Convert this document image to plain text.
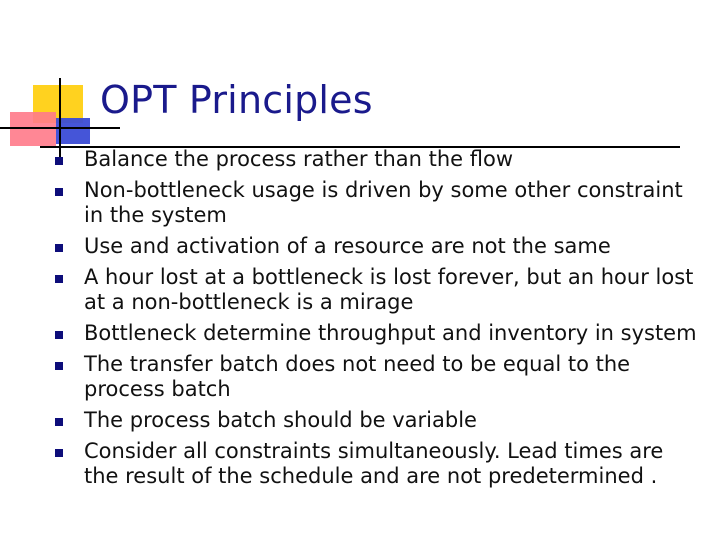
OPT Principles
Balance the process rather than the flow
Non-bottleneck usage is driven by some other constraint in the system
Use and activation of a resource are not the same
A hour lost at a bottleneck is lost forever, but an hour lost at a non-bottleneck is a mirage
Bottleneck determine throughput and inventory in system
The transfer batch does not need to be equal to the process batch
The process batch should be variable
Consider all constraints simultaneously. Lead times are the result of the schedule and are not predetermined .
